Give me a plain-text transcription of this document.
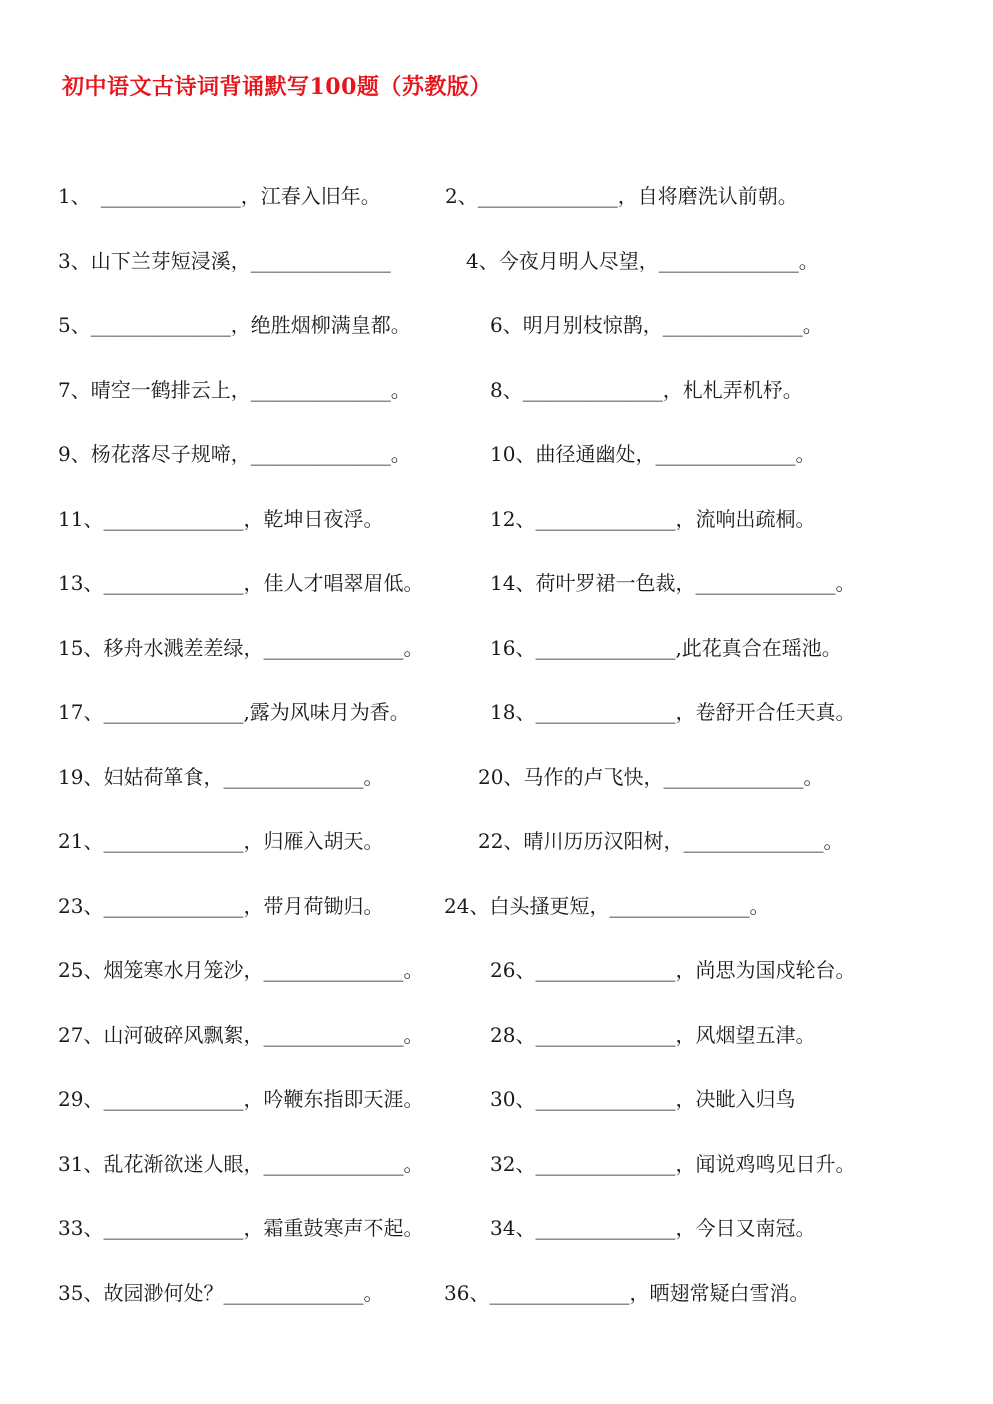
初中语文古诗词背诵默写100题（苏教版）
1、　______________，江春入旧年。	2、______________，自将磨洗认前朝。
3、山下兰芽短浸溪，______________	4、今夜月明人尽望，______________。
5、______________，绝胜烟柳满皇都。	6、明月别枝惊鹊，______________。
7、晴空一鹤排云上，______________。	8、______________，札札弄机杼。
9、杨花落尽子规啼，______________。	10、曲径通幽处，______________。
11、______________，乾坤日夜浮。	12、______________，流响出疏桐。
13、______________，佳人才唱翠眉低。	14、荷叶罗裙一色裁，______________。
15、移舟水溅差差绿，______________。	16、______________,此花真合在瑶池。
17、______________,露为风味月为香。	18、______________，卷舒开合任天真。
19、妇姑荷箪食，______________。	20、马作的卢飞快，______________。
21、______________，归雁入胡天。	22、晴川历历汉阳树，______________。
23、______________，带月荷锄归。	24、白头搔更短，______________。
25、烟笼寒水月笼沙，______________。	26、______________，尚思为国戍轮台。
27、山河破碎风飘絮，______________。	28、______________，风烟望五津。
29、______________，吟鞭东指即天涯。	30、______________，决眦入归鸟
31、乱花渐欲迷人眼，______________。	32、______________，闻说鸡鸣见日升。
33、______________，霜重鼓寒声不起。	34、______________，今日又南冠。
35、故园渺何处？______________。	36、______________，晒翅常疑白雪消。
